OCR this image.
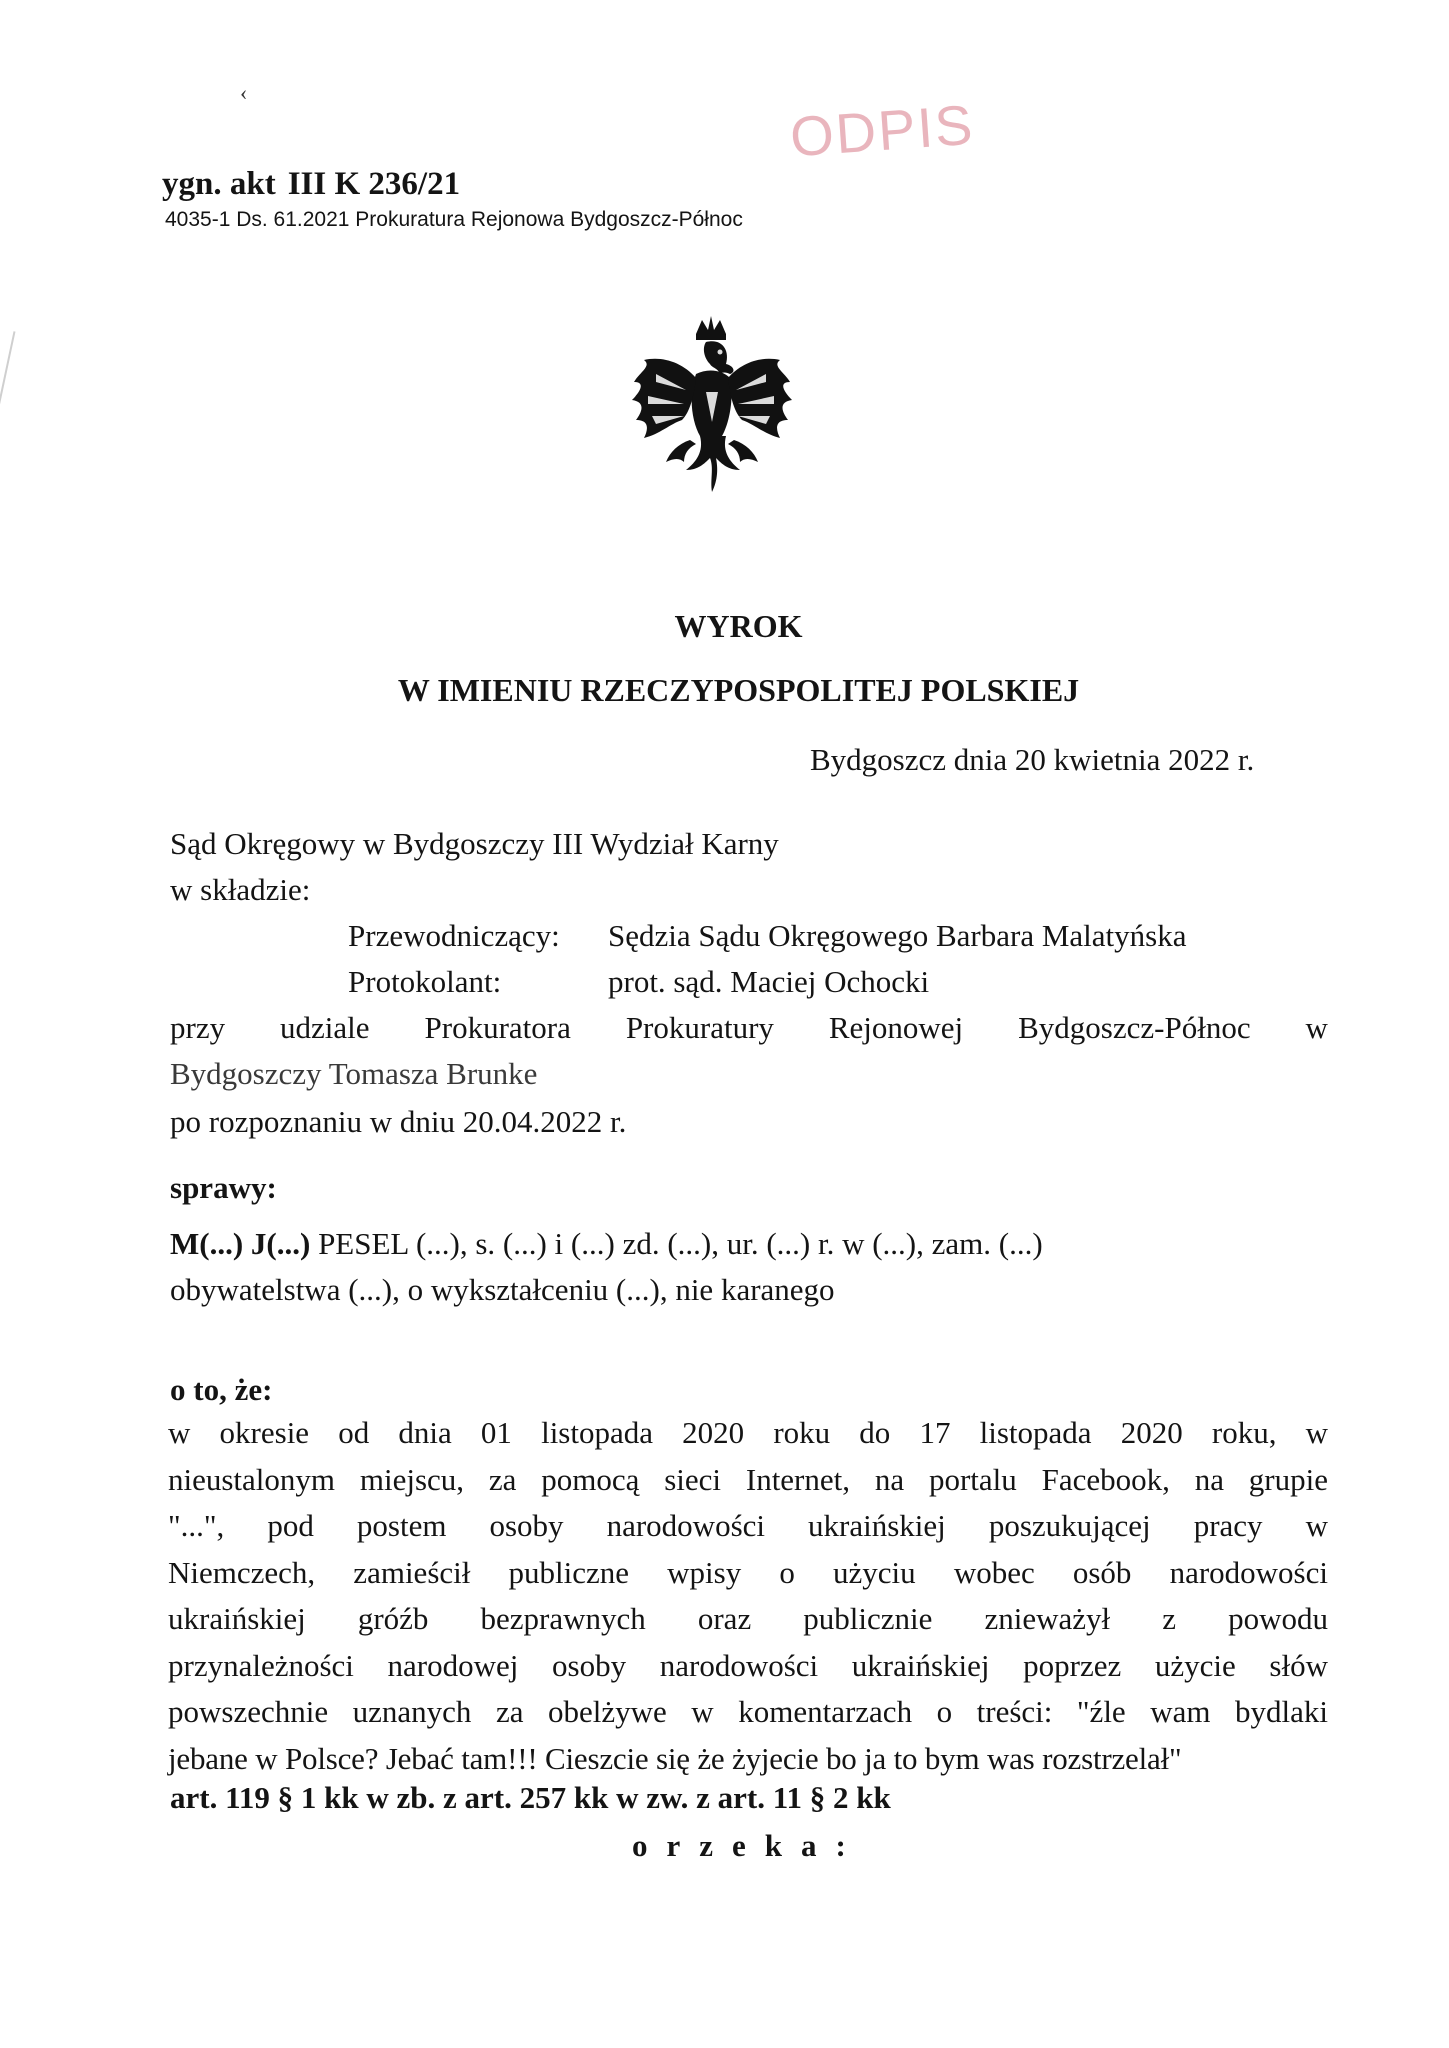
‹
ODPIS
ygn. akt III K 236/21
4035-1 Ds. 61.2021 Prokuratura Rejonowa Bydgoszcz-Północ
WYROK
W IMIENIU RZECZYPOSPOLITEJ POLSKIEJ
Bydgoszcz dnia 20 kwietnia 2022 r.
Sąd Okręgowy w Bydgoszczy III Wydział Karny
w składzie:
Przewodniczący: Sędzia Sądu Okręgowego Barbara Malatyńska
Protokolant:	prot. sąd. Maciej Ochocki
przy udziale Prokuratora Prokuratury Rejonowej Bydgoszcz-Północ w
Bydgoszczy Tomasza Brunke
po rozpoznaniu w dniu 20.04.2022 r.
sprawy:
M(...) J(...) PESEL (...), s. (...) i (...) zd. (...), ur. (...) r. w (...), zam. (...)
obywatelstwa (...), o wykształceniu (...), nie karanego
o to, że:
w okresie od dnia 01 listopada 2020 roku do 17 listopada 2020 roku, w
nieustalonym miejscu, za pomocą sieci Internet, na portalu Facebook, na grupie
"...", pod postem osoby narodowości ukraińskiej poszukującej pracy w
Niemczech, zamieścił publiczne wpisy o użyciu wobec osób narodowości
ukraińskiej gróźb bezprawnych oraz publicznie znieważył z powodu
przynależności narodowej osoby narodowości ukraińskiej poprzez użycie słów
powszechnie uznanych za obelżywe w komentarzach o treści: "źle wam bydlaki
jebane w Polsce? Jebać tam!!! Cieszcie się że żyjecie bo ja to bym was rozstrzelał"
art. 119 § 1 kk w zb. z art. 257 kk w zw. z art. 11 § 2 kk
orzeka:
